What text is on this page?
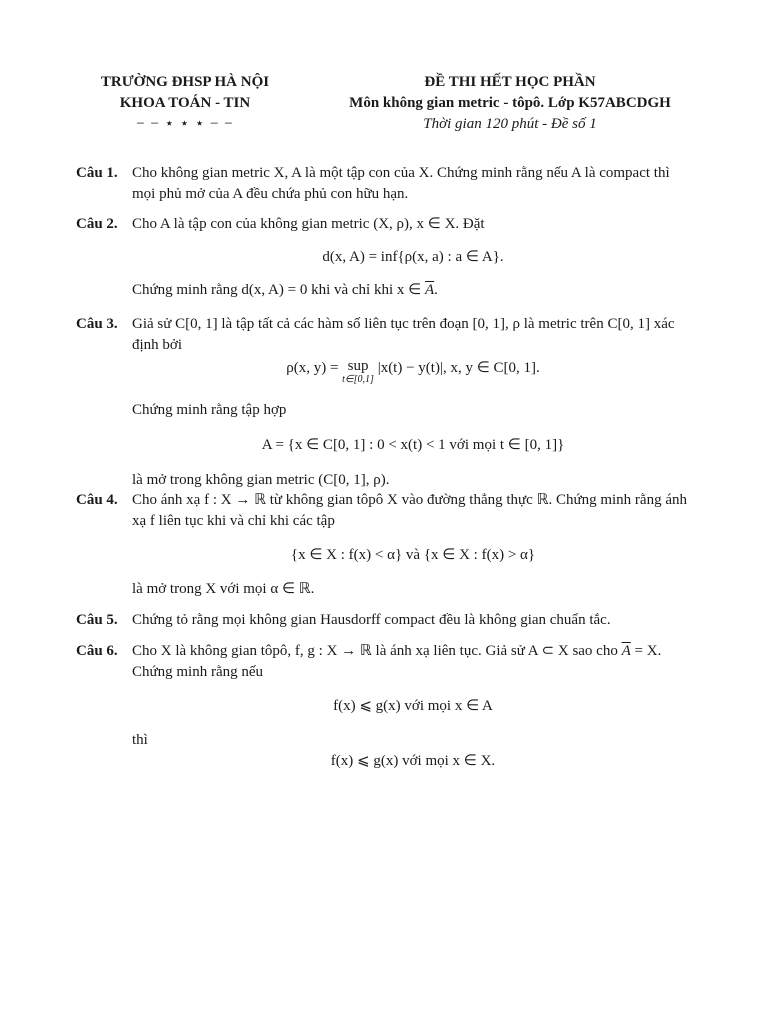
TRƯỜNG ĐHSP HÀ NỘI
KHOA TOÁN - TIN
− − ⋆ ⋆ ⋆ − −
ĐỀ THI HẾT HỌC PHẦN
Môn không gian metric - tôpô. Lớp K57ABCDGH
Thời gian 120 phút - Đề số 1
Câu 1. Cho không gian metric X, A là một tập con của X. Chứng minh rằng nếu A là compact thì mọi phủ mở của A đều chứa phủ con hữu hạn.

Câu 2. Cho A là tập con của không gian metric (X, ρ), x ∈ X. Đặt

d(x, A) = inf{ρ(x, a) : a ∈ A}.

Chứng minh rằng d(x, A) = 0 khi và chỉ khi x ∈ $\overline{A}$.

Câu 3. Giả sử C[0, 1] là tập tất cả các hàm số liên tục trên đoạn [0, 1], ρ là metric trên C[0, 1] xác định bởi

ρ(x, y) = sup
t∈[0,1]
|x(t) − y(t)|, x, y ∈ C[0, 1].

Chứng minh rằng tập hợp

A = {x ∈ C[0, 1] : 0 < x(t) < 1 với mọi t ∈ [0, 1]}

là mở trong không gian metric (C[0, 1], ρ).

Câu 4. Cho ánh xạ f : X → ℝ từ không gian tôpô X vào đường thẳng thực ℝ. Chứng minh rằng ánh xạ f liên tục khi và chỉ khi các tập

{x ∈ X : f(x) < α} và {x ∈ X : f(x) > α}

là mở trong X với mọi α ∈ ℝ.

Câu 5. Chứng tỏ rằng mọi không gian Hausdorff compact đều là không gian chuẩn tắc.

Câu 6. Cho X là không gian tôpô, f, g : X → ℝ là ánh xạ liên tục. Giả sử A ⊂ X sao cho $\overline{A} = X$. Chứng minh rằng nếu

f(x) ⩽ g(x) với mọi x ∈ A

thì

f(x) ⩽ g(x) với mọi x ∈ X.
